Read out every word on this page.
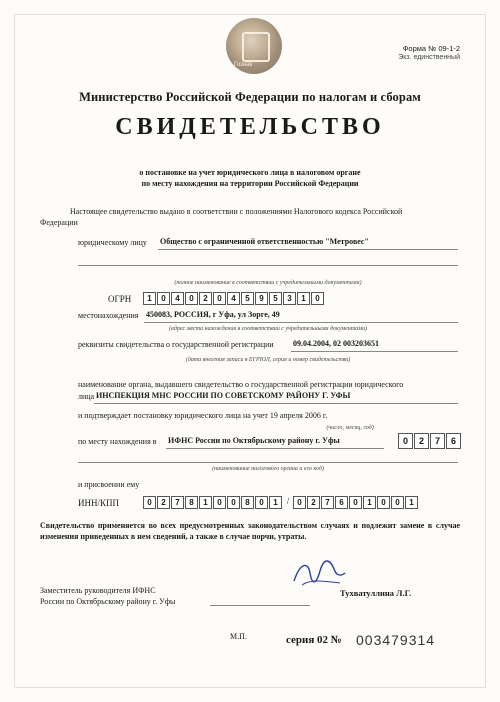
Гознак
Форма № 09-1-2
Экз. единственный
Министерство Российской Федерации по налогам и сборам
СВИДЕТЕЛЬСТВО
о постановке на учет юридического лица в налоговом органе
по месту нахождения на территории Российской Федерации
Настоящее свидетельство выдано в соответствии с положениями Налогового кодекса Российской
Федерации
юридическому лицу Общество с ограниченной ответственностью "Метровес"
(полное наименование в соответствии с учредительными документами)
ОГРН	1	0	4	0	2	0	4	5	9	5	3	1	0
местонахождения 450083, РОССИЯ, г Уфа, ул Зорге, 49
(адрес места нахождения в соответствии с учредительными документами)
реквизиты свидетельства о государственной регистрации 09.04.2004, 02 003203651
(дата внесения записи в ЕГРЮЛ, серия и номер свидетельства)
наименование органа, выдавшего свидетельство о государственной регистрации юридического
лица ИНСПЕКЦИЯ МНС РОССИИ ПО СОВЕТСКОМУ РАЙОНУ Г. УФЫ
и подтверждает постановку юридического лица на учет 19 апреля 2006 г.
(число, месяц, год)
по месту нахождения в ИФНС России по Октябрьскому району г. Уфы	0	2	7	6
(наименование налогового органа и его код)
и присвоении ему
ИНН/КПП	0	2	7	8	1	0	0	8	0	1	/	0	2	7	6	0	1	0	0	1
Свидетельство применяется во всех предусмотренных законодательством случаях и подлежит замене в случае изменения приведенных в нем сведений, а также в случае порчи, утраты.
Заместитель руководителя ИФНС
России по Октябрьскому району г. Уфы
Тухватуллина Л.Г.
М.П.	серия 02 № 003479314
